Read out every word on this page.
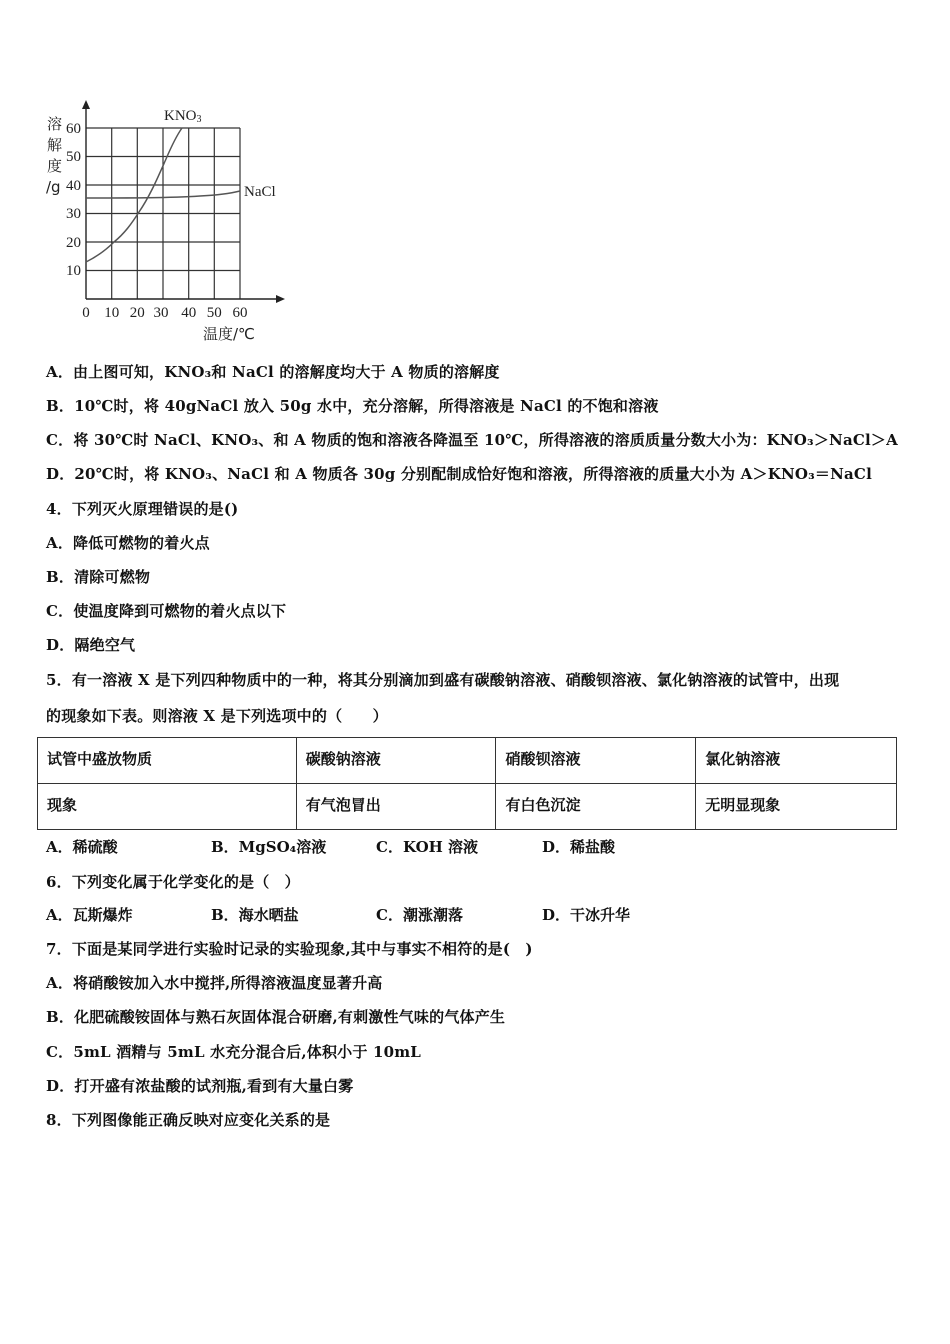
KNO3
NaCl
60
50
40
30
20
10
0 10 20 30 40 50 60
溶
解
度
/g
温度/℃
A．由上图可知，KNO₃和 NaCl 的溶解度均大于 A 物质的溶解度
B．10℃时，将 40gNaCl 放入 50g 水中，充分溶解，所得溶液是 NaCl 的不饱和溶液
C．将 30℃时 NaCl、KNO₃、和 A 物质的饱和溶液各降温至 10℃，所得溶液的溶质质量分数大小为：KNO₃＞NaCl＞A
D．20℃时，将 KNO₃、NaCl 和 A 物质各 30g 分别配制成恰好饱和溶液，所得溶液的质量大小为 A＞KNO₃＝NaCl
4．下列灭火原理错误的是()
A．降低可燃物的着火点
B．清除可燃物
C．使温度降到可燃物的着火点以下
D．隔绝空气
5．有一溶液 X 是下列四种物质中的一种，将其分别滴加到盛有碳酸钠溶液、硝酸钡溶液、氯化钠溶液的试管中，出现
的现象如下表。则溶液 X 是下列选项中的（　　）
试管中盛放物质	碳酸钠溶液	硝酸钡溶液	氯化钠溶液
现象	有气泡冒出	有白色沉淀	无明显现象
A．稀硫酸	B．MgSO₄溶液	C．KOH 溶液	D．稀盐酸
6．下列变化属于化学变化的是（　）
A．瓦斯爆炸	B．海水晒盐	C．潮涨潮落	D．干冰升华
7．下面是某同学进行实验时记录的实验现象,其中与事实不相符的是(　)
A．将硝酸铵加入水中搅拌,所得溶液温度显著升高
B．化肥硫酸铵固体与熟石灰固体混合研磨,有刺激性气味的气体产生
C．5mL 酒精与 5mL 水充分混合后,体积小于 10mL
D．打开盛有浓盐酸的试剂瓶,看到有大量白雾
8．下列图像能正确反映对应变化关系的是
